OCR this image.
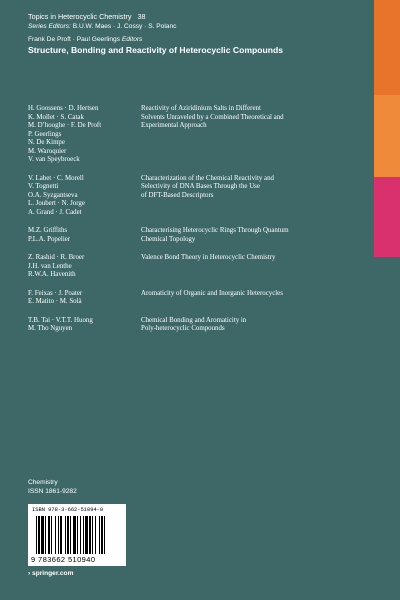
Topics in Heterocyclic Chemistry 38
Series Editors: B.U.W. Maes · J. Cossy · S. Polanc
Frank De Proft · Paul Geerlings Editors
Structure, Bonding and Reactivity of Heterocyclic Compounds
H. Goossens · D. Hertsen
K. Mollet · S. Catak
M. D’hooghe · F. De Proft
P. Geerlings
N. De Kimpe
M. Waroquier
V. van Speybroeck
Reactivity of Aziridinium Salts in Different
Solvents Unraveled by a Combined Theoretical and
Experimental Approach
V. Labet · C. Morell
V. Tognetti
O.A. Syzgantseva
L. Joubert · N. Jorge
A. Grand · J. Cadet
Characterization of the Chemical Reactivity and
Selectivity of DNA Bases Through the Use
of DFT-Based Descriptors
M.Z. Griffiths
P.L.A. Popelier
Characterising Heterocyclic Rings Through Quantum
Chemical Topology
Z. Rashid · R. Broer
J.H. van Lenthe
R.W.A. Havenith
Valence Bond Theory in Heterocyclic Chemistry
F. Feixas · J. Poater
E. Matito · M. Solà
Aromaticity of Organic and Inorganic Heterocycles
T.B. Tai · V.T.T. Huong
M. Tho Nguyen
Chemical Bonding and Aromaticity in
Poly-heterocyclic Compounds
Chemistry
ISSN 1861-9282
ISBN 978-3-662-51094-0
9 783662 510940
› springer.com
